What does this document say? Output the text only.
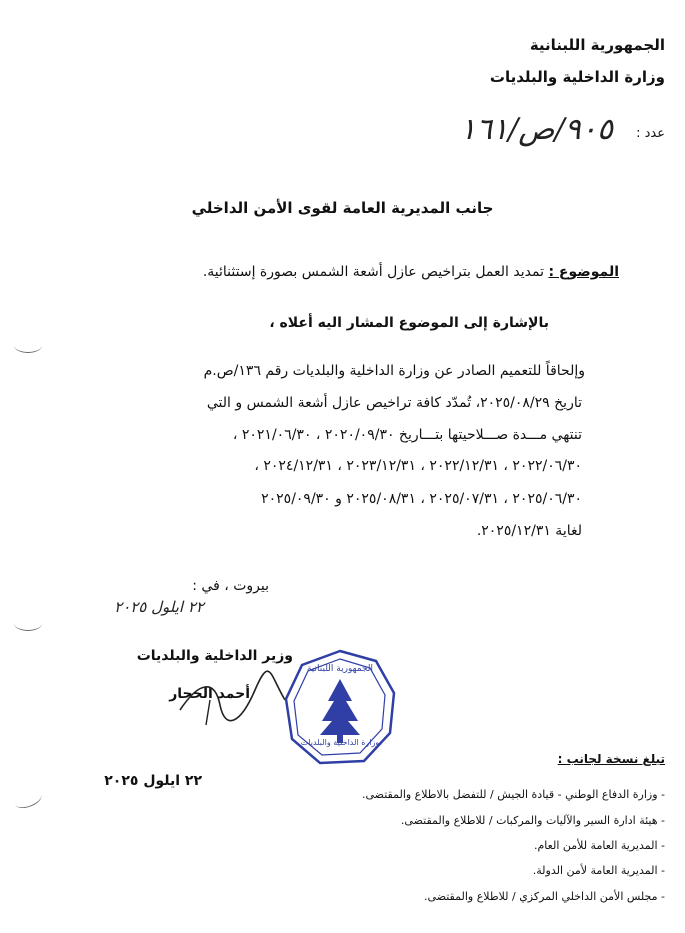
الجمهورية اللبنانية
وزارة الداخلية والبلديات
عدد :
٩٠٥/ص/١٦١
جانب المديرية العامة لقوى الأمن الداخلي
الموضوع : تمديد العمل بتراخيص عازل أشعة الشمس بصورة إستثنائية.
بالإشارة إلى الموضوع المشار اليه أعلاه ،
وإلحاقاً للتعميم الصادر عن وزارة الداخلية والبلديات رقم ١٣٦/ص.م
تاريخ ٢٠٢٥/٠٨/٢٩، تُمدّد كافة تراخيص عازل أشعة الشمس و التي
تنتهي مـــدة صـــلاحيتها بتـــاريخ ٢٠٢٠/٠٩/٣٠ ، ٢٠٢١/٠٦/٣٠ ،
٢٠٢٢/٠٦/٣٠ ، ٢٠٢٢/١٢/٣١ ، ٢٠٢٣/١٢/٣١ ، ٢٠٢٤/١٢/٣١ ،
٢٠٢٥/٠٦/٣٠ ، ٢٠٢٥/٠٧/٣١ ، ٢٠٢٥/٠٨/٣١ و ٢٠٢٥/٠٩/٣٠
لغاية ٢٠٢٥/١٢/٣١.
بيروت ، في :
٢٢ ايلول ٢٠٢٥
وزير الداخلية والبلديات
أحمد الحجار
الجمهورية اللبنانية
وزارة الداخلية والبلديات
٢٢ ايلول ٢٠٢٥
تبلغ نسخة لجانب :
- وزارة الدفاع الوطني - قيادة الجيش / للتفضل بالاطلاع والمقتضى.
- هيئة ادارة السير والآليات والمركبات / للاطلاع والمقتضى.
- المديرية العامة للأمن العام.
- المديرية العامة لأمن الدولة.
- مجلس الأمن الداخلي المركزي / للاطلاع والمقتضى.
